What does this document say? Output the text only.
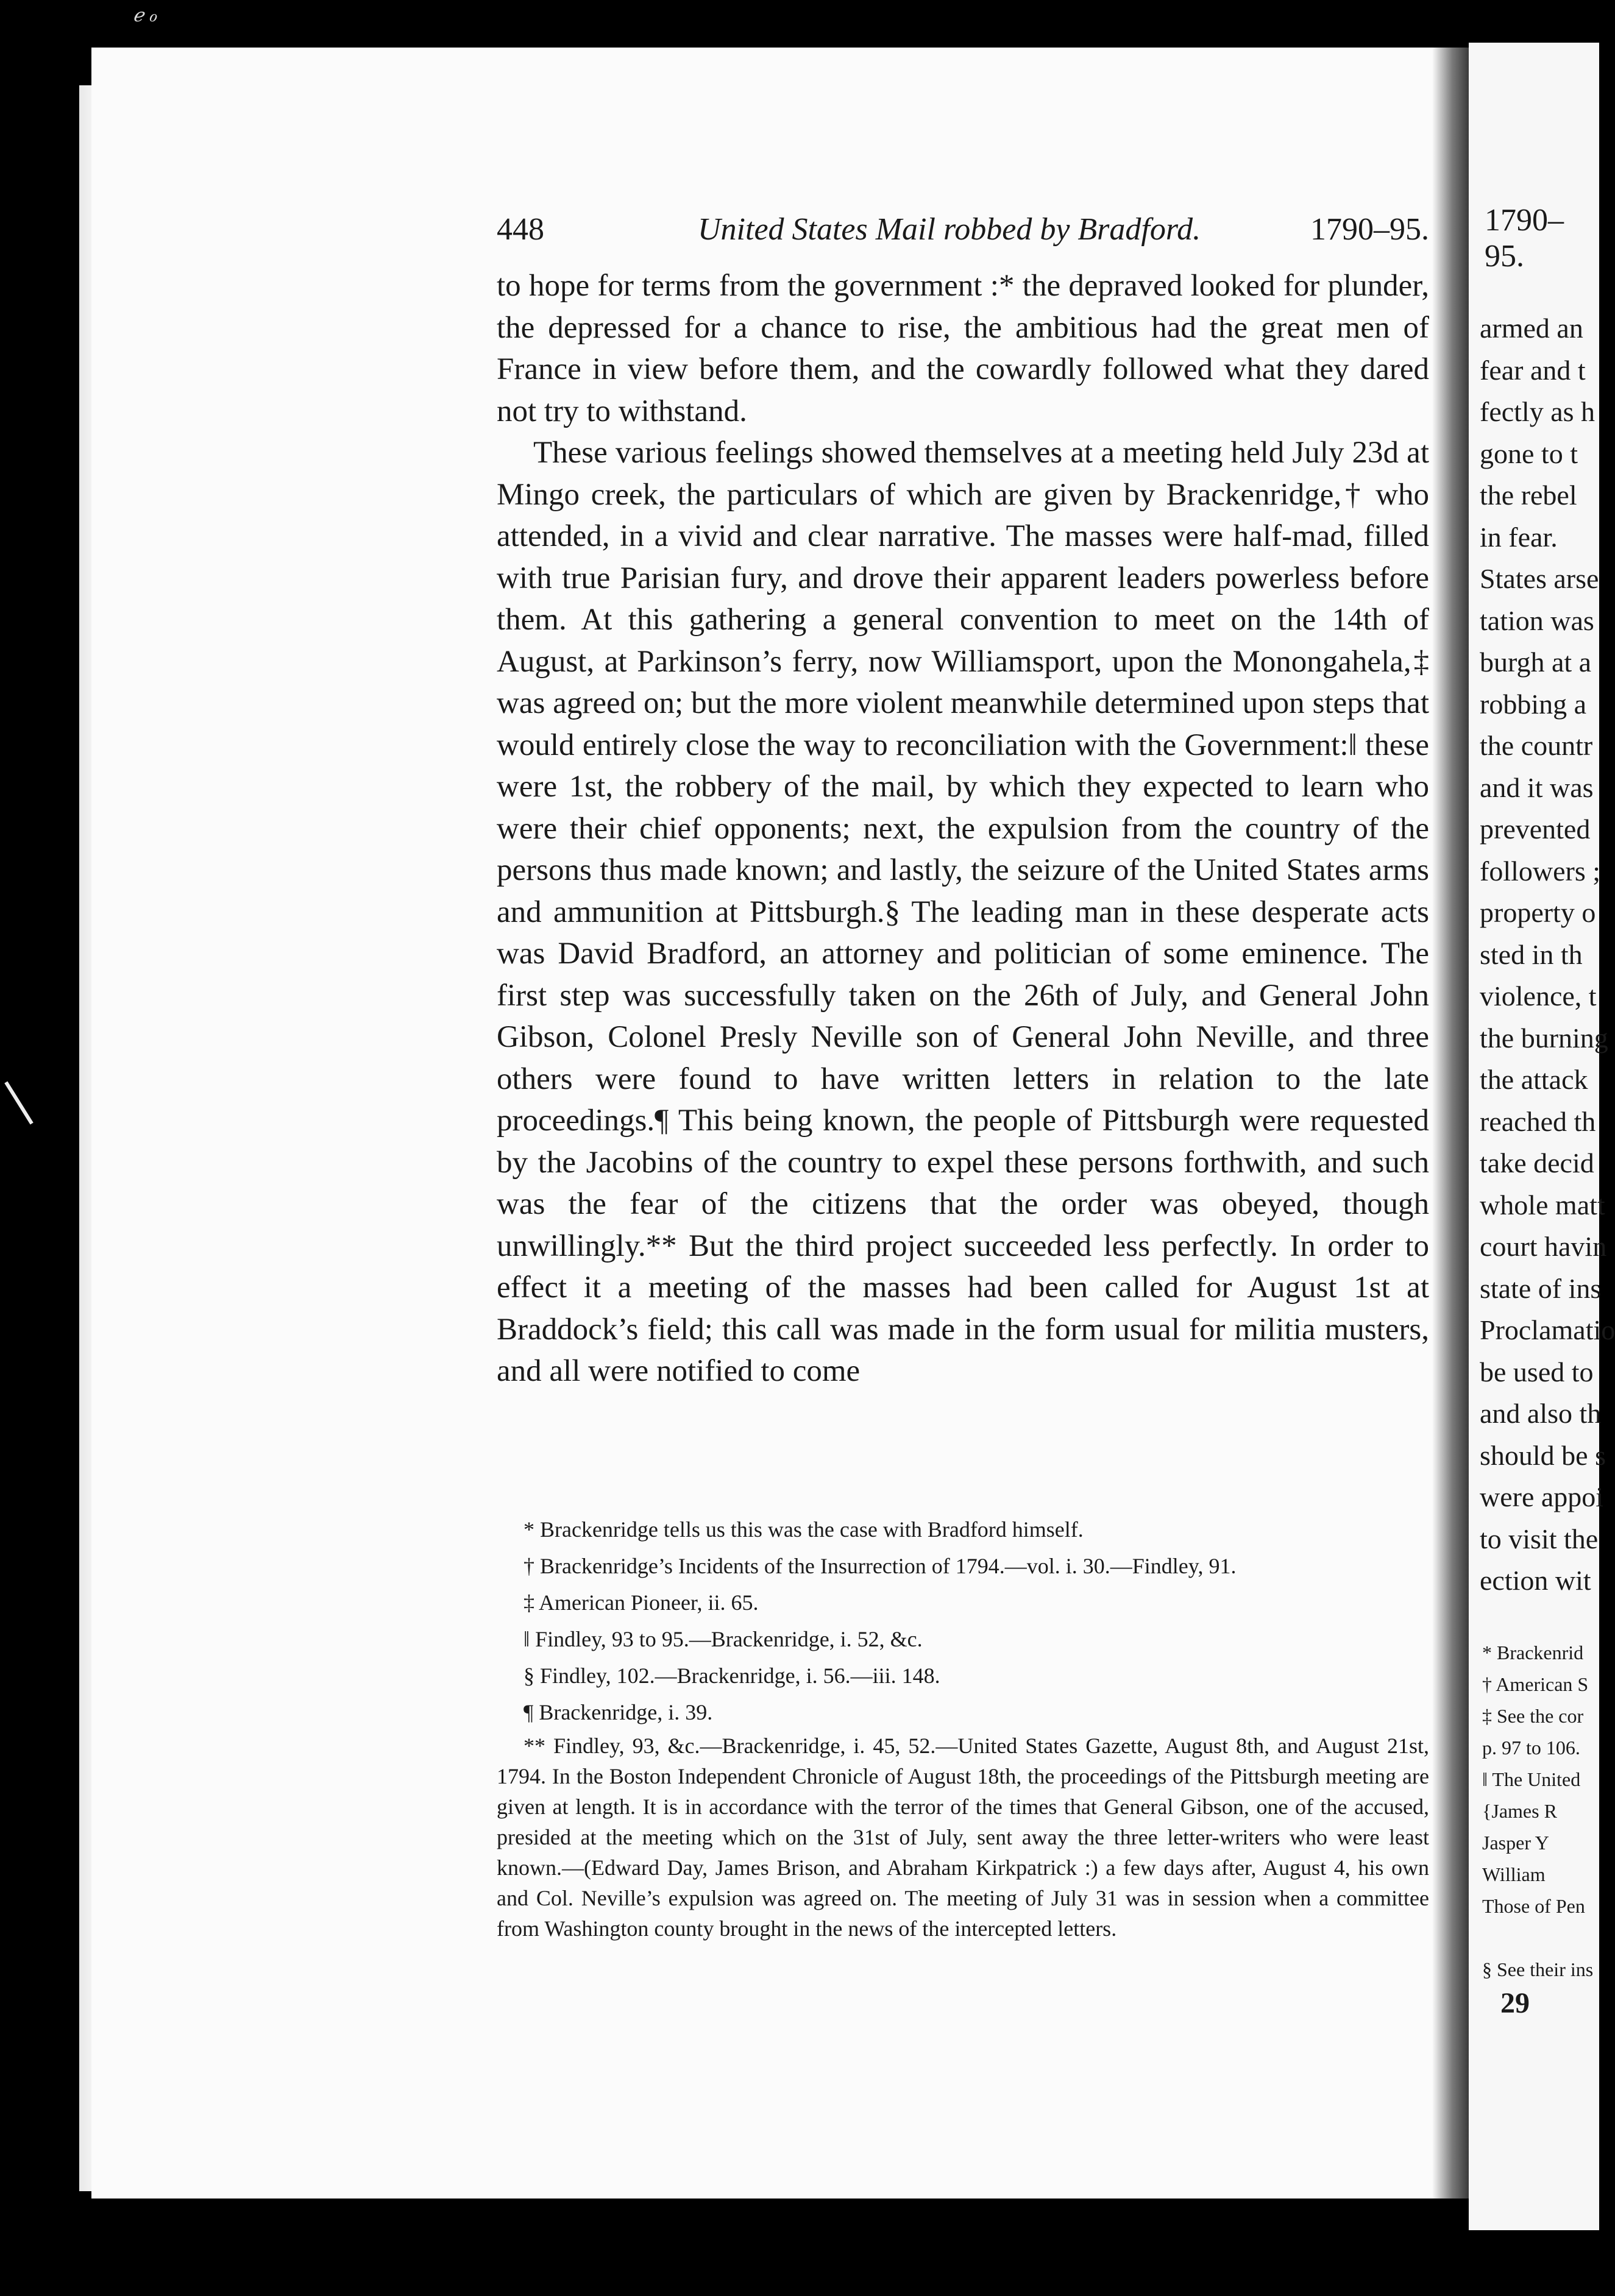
ℯ ℴ
448	United States Mail robbed by Bradford.	1790–95.

to hope for terms from the government :* the depraved looked for plunder, the depressed for a chance to rise, the ambitious had the great men of France in view before them, and the cowardly followed what they dared not try to withstand.

These various feelings showed themselves at a meeting held July 23d at Mingo creek, the particulars of which are given by Brackenridge,† who attended, in a vivid and clear narrative. The masses were half-mad, filled with true Parisian fury, and drove their apparent leaders powerless before them. At this gathering a general convention to meet on the 14th of August, at Parkinson’s ferry, now Williamsport, upon the Monongahela,‡ was agreed on; but the more violent meanwhile determined upon steps that would entirely close the way to reconciliation with the Government:‖ these were 1st, the robbery of the mail, by which they expected to learn who were their chief opponents; next, the expulsion from the country of the persons thus made known; and lastly, the seizure of the United States arms and ammunition at Pittsburgh.§ The leading man in these desperate acts was David Bradford, an attorney and politician of some eminence. The first step was successfully taken on the 26th of July, and General John Gibson, Colonel Presly Neville son of General John Neville, and three others were found to have written letters in relation to the late proceedings.¶ This being known, the people of Pittsburgh were requested by the Jacobins of the country to expel these persons forthwith, and such was the fear of the citizens that the order was obeyed, though unwillingly.** But the third project succeeded less perfectly. In order to effect it a meeting of the masses had been called for August 1st at Braddock’s field; this call was made in the form usual for militia musters, and all were notified to come

* Brackenridge tells us this was the case with Bradford himself.

† Brackenridge’s Incidents of the Insurrection of 1794.—vol. i. 30.—Findley, 91.

‡ American Pioneer, ii. 65.

‖ Findley, 93 to 95.—Brackenridge, i. 52, &c.

§ Findley, 102.—Brackenridge, i. 56.—iii. 148.

¶ Brackenridge, i. 39.

** Findley, 93, &c.—Brackenridge, i. 45, 52.—United States Gazette, August 8th, and August 21st, 1794. In the Boston Independent Chronicle of August 18th, the proceedings of the Pittsburgh meeting are given at length. It is in accordance with the terror of the times that General Gibson, one of the accused, presided at the meeting which on the 31st of July, sent away the three letter-writers who were least known.—(Edward Day, James Brison, and Abraham Kirkpatrick :) a few days after, August 4, his own and Col. Neville’s expulsion was agreed on. The meeting of July 31 was in session when a committee from Washington county brought in the news of the intercepted letters.

1790–95.
armed an
fear and t
fectly as h
gone to t
the rebel
in fear.
States arse
tation was
burgh at a
robbing a
the countr
and it was
prevented
followers ;
property o
sted in th
violence, t
the burning
the attack
reached th
take decid
whole matt
court havin
state of ins
Proclamatio
be used to
and also th
should be s
were appoi
to visit the
ection wit
* Brackenrid
† American S
‡ See the cor
p. 97 to 106.
‖ The United
{James R
Jasper Y
William
Those of Pen

§ See their ins
29
